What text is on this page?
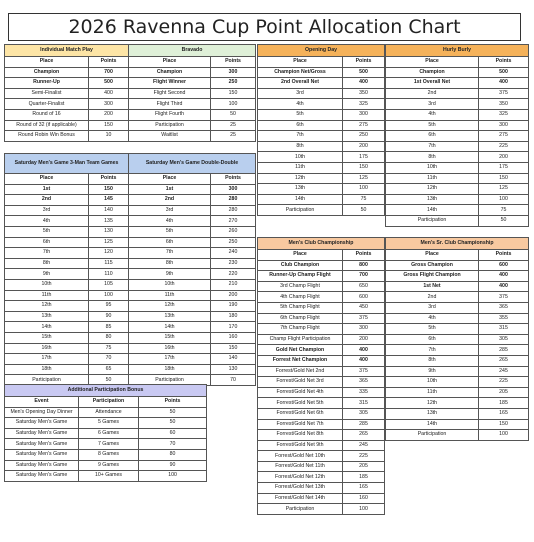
2026 Ravenna Cup Point Allocation Chart
Individual Match Play	
Place	Points
Champion	700
Runner-Up	500
Semi-Finalist	400
Quarter-Finalist	300
Round of 16	200
Round of 32 (if applicable)	150
Round Robin Win Bonus	10
Bravado	
Place	Points
Champion	300
Flight Winner	250
Flight Second	150
Flight Third	100
Flight Fourth	50
Participation	25
Waitlist	25
Opening Day	
Place	Points
Champion Net/Gross	500
2nd Overall Net	400
3rd	350
4th	325
5th	300
6th	275
7th	250
8th	200
10th	175
11th	150
12th	125
13th	100
14th	75
Participation	50
Hurly Burly	
Place	Points
Champion	500
1st Overall Net	400
2nd	375
3rd	350
4th	325
5th	300
6th	275
7th	225
8th	200
10th	175
11th	150
12th	125
13th	100
14th	75
Participation	50
Saturday Men's Game 3-Man Team Games	
Place	Points
1st	150
2nd	145
3rd	140
4th	135
5th	130
6th	125
7th	120
8th	115
9th	110
10th	105
11th	100
12th	95
13th	90
14th	85
15th	80
16th	75
17th	70
18th	65
Participation	50
Saturday Men's Game Double-Double	
Place	Points
1st	300
2nd	280
3rd	280
4th	270
5th	260
6th	250
7th	240
8th	230
9th	220
10th	210
11th	200
12th	190
13th	180
14th	170
15th	160
16th	150
17th	140
18th	130
Participation	70
Men's Club Championship	
Place	Points
Club Champion	800
Runner-Up Champ Flight	700
3rd Champ Flight	650
4th Champ Flight	600
5th Champ Flight	450
6th Champ Flight	375
7th Champ Flight	300
Champ Flight Participation	200
Gold Net Champion	400
Forrest Net Champion	400
Forrest/Gold Net 2nd	375
Forrest/Gold Net 3rd	365
Forrest/Gold Net 4th	335
Forrest/Gold Net 5th	315
Forrest/Gold Net 6th	305
Forrest/Gold Net 7th	285
Forrest/Gold Net 8th	265
Forrest/Gold Net 9th	245
Forrest/Gold Net 10th	225
Forrest/Gold Net 11th	205
Forrest/Gold Net 12th	185
Forrest/Gold Net 13th	165
Forrest/Gold Net 14th	160
Participation	100
Men's Sr. Club Championship	
Place	Points
Gross Champion	600
Gross Flight Champion	400
1st Net	400
2nd	375
3rd	365
4th	355
5th	315
6th	305
7th	285
8th	265
9th	245
10th	225
11th	205
12th	185
13th	165
14th	150
Participation	100
Additional Participation Bonus		
Event	Participation	Points
Men's Opening Day Dinner	Attendance	50
Saturday Men's Game	5 Games	50
Saturday Men's Game	6 Games	60
Saturday Men's Game	7 Games	70
Saturday Men's Game	8 Games	80
Saturday Men's Game	9 Games	90
Saturday Men's Game	10+ Games	100
